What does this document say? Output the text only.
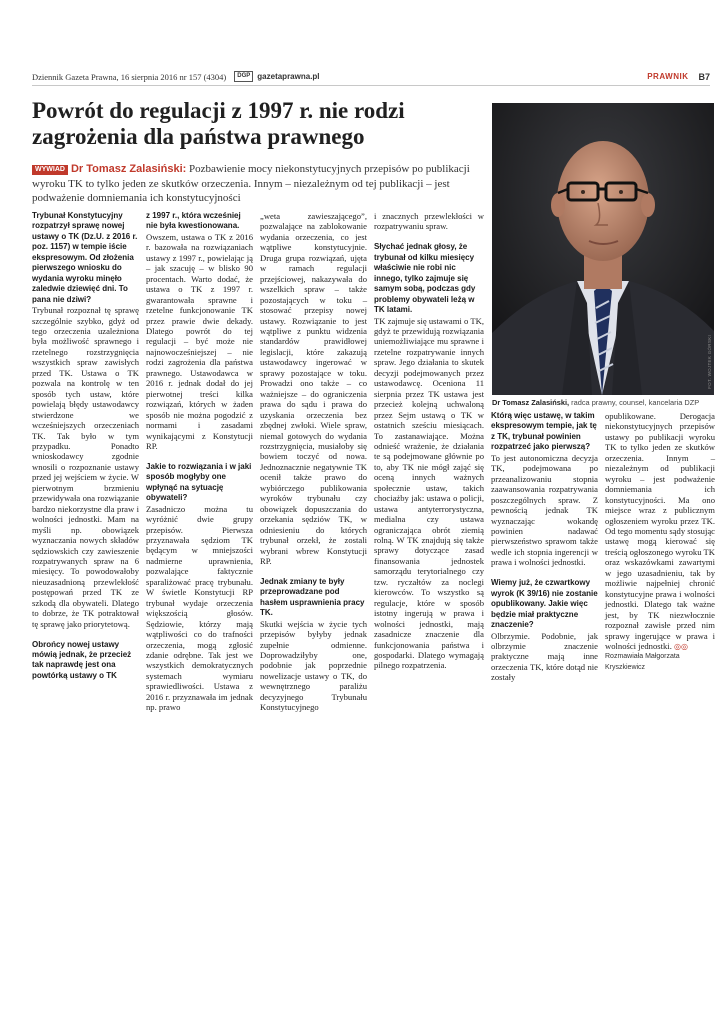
Dziennik Gazeta Prawna, 16 sierpnia 2016 nr 157 (4304)	DGP gazetaprawna.pl	PRAWNIK B7
Powrót do regulacji z 1997 r. nie rodzi zagrożenia dla państwa prawnego
WYWIAD Dr Tomasz Zalasiński: Pozbawienie mocy niekonstytucyjnych przepisów po publikacji wyroku TK to tylko jeden ze skutków orzeczenia. Innym – niezależnym od tej publikacji – jest podważenie domniemania ich konstytucyjności
FOT. WOJTEK GÓRSKI
Dr Tomasz Zalasiński, radca prawny, counsel, kancelaria DZP

Trybunał Konstytucyjny rozpatrzył sprawę nowej ustawy o TK (Dz.U. z 2016 r. poz. 1157) w tempie iście ekspresowym. Od złożenia pierwszego wniosku do wydania wyroku minęło zaledwie dziewięć dni. To pana nie dziwi?

Trybunał rozpoznał tę sprawę szczególnie szybko, gdyż od tego orzeczenia uzależniona była możliwość sprawnego i rzetelnego rozstrzygnięcia wszystkich spraw zawisłych przed TK. Ustawa o TK pozwala na kontrolę w ten sposób tych ustaw, które powielają błędy ustawodawcy stwierdzone we wcześniejszych orzeczeniach TK. Tak było w tym przypadku. Ponadto wnioskodawcy zgodnie wnosili o rozpoznanie ustawy przed jej wejściem w życie. W pierwotnym brzmieniu przewidywała ona rozwiązanie bardzo niekorzystne dla praw i wolności jednostki. Mam na myśli np. obowiązek wyznaczania nowych składów sędziowskich czy zawieszenie rozpatrywanych spraw na 6 miesięcy. To powodowałoby nieuzasadnioną przewlekłość postępowań przed TK ze szkodą dla obywateli. Dlatego to dobrze, że TK potraktował tę sprawę jako priorytetową.

Obrońcy nowej ustawy mówią jednak, że przecież tak naprawdę jest ona powtórką ustawy o TK

z 1997 r., która wcześniej nie była kwestionowana.

Owszem, ustawa o TK z 2016 r. bazowała na rozwiązaniach ustawy z 1997 r., powielając ją – jak szacuję – w blisko 90 procentach. Warto dodać, że ustawa o TK z 1997 r. gwarantowała sprawne i rzetelne funkcjonowanie TK przez prawie dwie dekady. Dlatego powrót do tej regulacji – być może nie najnowocześniejszej – nie rodzi zagrożenia dla państwa prawnego. Ustawodawca w 2016 r. jednak dodał do jej pierwotnej treści kilka rozwiązań, których w żaden sposób nie można pogodzić z normami i zasadami wynikającymi z Konstytucji RP.

Jakie to rozwiązania i w jaki sposób mogłyby one wpłynąć na sytuację obywateli?

Zasadniczo można tu wyróżnić dwie grupy przepisów. Pierwsza przyznawała sędziom TK będącym w mniejszości nadmierne uprawnienia, pozwalające faktycznie sparaliżować pracę trybunału. W świetle Konstytucji RP trybunał wydaje orzeczenia większością głosów. Sędziowie, którzy mają wątpliwości co do trafności orzeczenia, mogą zgłosić zdanie odrębne. Tak jest we wszystkich demokratycznych systemach wymiaru sprawiedliwości. Ustawa z 2016 r. przyznawała im jednak np. prawo

„weta zawieszającego”, pozwalające na zablokowanie wydania orzeczenia, co jest wątpliwe konstytucyjnie. Druga grupa rozwiązań, ujęta w ramach regulacji przejściowej, nakazywała do wszelkich spraw – także pozostających w toku – stosować przepisy nowej ustawy. Rozwiązanie to jest wątpliwe z punktu widzenia standardów prawidłowej legislacji, które zakazują ustawodawcy ingerować w sprawy pozostające w toku. Prowadzi ono także – co ważniejsze – do ograniczenia prawa do sądu i prawa do uzyskania orzeczenia bez zbędnej zwłoki. Wiele spraw, niemal gotowych do wydania rozstrzygnięcia, musiałoby się bowiem toczyć od nowa. Jednoznacznie negatywnie TK ocenił także prawo do wybiórczego publikowania wyroków trybunału czy obowiązek dopuszczania do orzekania sędziów TK, w odniesieniu do których trybunał orzekł, że zostali wybrani wbrew Konstytucji RP.

Jednak zmiany te były przeprowadzane pod hasłem usprawnienia pracy TK.

Skutki wejścia w życie tych przepisów byłyby jednak zupełnie odmienne. Doprowadziłyby one, podobnie jak poprzednie nowelizacje ustawy o TK, do wewnętrznego paraliżu decyzyjnego Trybunału Konstytucyjnego

i znacznych przewlekłości w rozpatrywaniu spraw.

Słychać jednak głosy, że trybunał od kilku miesięcy właściwie nie robi nic innego, tylko zajmuje się samym sobą, podczas gdy problemy obywateli leżą w TK latami.

TK zajmuje się ustawami o TK, gdyż te przewidują rozwiązania uniemożliwiające mu sprawne i rzetelne rozpatrywanie innych spraw. Jego działania to skutek decyzji podejmowanych przez ustawodawcę. Oceniona 11 sierpnia przez TK ustawa jest przecież kolejną uchwaloną przez Sejm ustawą o TK w ostatnich sześciu miesiącach. To zastanawiające. Można odnieść wrażenie, że działania te są podejmowane głównie po to, aby TK nie mógł zająć się oceną innych ważnych społecznie ustaw, takich chociażby jak: ustawa o policji, ustawa antyterrorystyczna, medialna czy ustawa ograniczająca obrót ziemią rolną. W TK znajdują się także sprawy dotyczące zasad finansowania jednostek samorządu terytorialnego czy tzw. ryczałtów za noclegi kierowców. To wszystko są regulacje, które w sposób istotny ingerują w prawa i wolności jednostki, mają zasadnicze znaczenie dla funkcjonowania państwa i gospodarki. Dlatego wymagają pilnego rozpatrzenia.

Którą więc ustawę, w takim ekspresowym tempie, jak tę z TK, trybunał powinien rozpatrzeć jako pierwszą?

To jest autonomiczna decyzja TK, podejmowana po przeanalizowaniu stopnia zaawansowania rozpatrywania poszczególnych spraw. Z pewnością jednak TK wyznaczając wokandę powinien nadawać pierwszeństwo sprawom także wedle ich stopnia ingerencji w prawa i wolności jednostki.

Wiemy już, że czwartkowy wyrok (K 39/16) nie zostanie opublikowany. Jakie więc będzie miał praktyczne znaczenie?

Olbrzymie. Podobnie, jak olbrzymie znaczenie praktyczne mają inne orzeczenia TK, które dotąd nie zostały

opublikowane. Derogacja niekonstytucyjnych przepisów ustawy po publikacji wyroku TK to tylko jeden ze skutków orzeczenia. Innym – niezależnym od publikacji wyroku – jest podważenie domniemania ich konstytucyjności. Ma ono miejsce wraz z publicznym ogłoszeniem wyroku przez TK. Od tego momentu sądy stosując ustawę mogą kierować się treścią ogłoszonego wyroku TK oraz wskazówkami zawartymi w jego uzasadnieniu, tak by możliwie najpełniej chronić konstytucyjne prawa i wolności jednostki. Dlatego tak ważne jest, by TK niezwłocznie rozpoznał zawisłe przed nim sprawy ingerujące w prawa i wolności jednostki. ◎◎

Rozmawiała Małgorzata Kryszkiewicz
